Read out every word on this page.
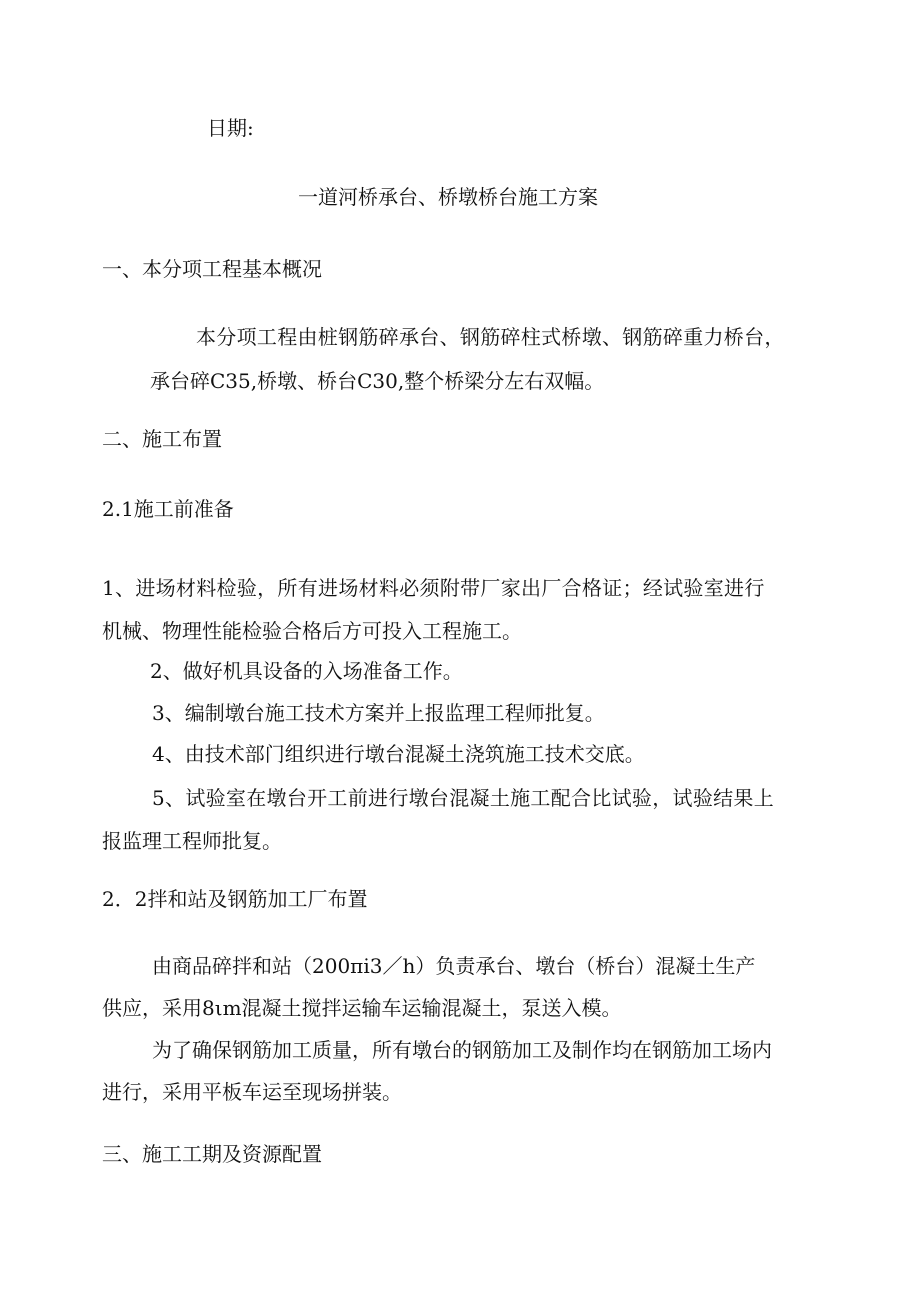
日期:
一道河桥承台、桥墩桥台施工方案
一、本分项工程基本概况
本分项工程由桩钢筋碎承台、钢筋碎柱式桥墩、钢筋碎重力桥台，
承台碎C35,桥墩、桥台C30,整个桥梁分左右双幅。
二、施工布置
2.1施工前准备
1、进场材料检验，所有进场材料必须附带厂家出厂合格证；经试验室进行
机械、物理性能检验合格后方可投入工程施工。
2、做好机具设备的入场准备工作。
3、编制墩台施工技术方案并上报监理工程师批复。
4、由技术部门组织进行墩台混凝土浇筑施工技术交底。
5、试验室在墩台开工前进行墩台混凝土施工配合比试验，试验结果上
报监理工程师批复。
2．2拌和站及钢筋加工厂布置
由商品碎拌和站（200πi3／h）负责承台、墩台（桥台）混凝土生产
供应，采用8ιm混凝土搅拌运输车运输混凝土，泵送入模。
为了确保钢筋加工质量，所有墩台的钢筋加工及制作均在钢筋加工场内
进行，采用平板车运至现场拼装。
三、施工工期及资源配置
